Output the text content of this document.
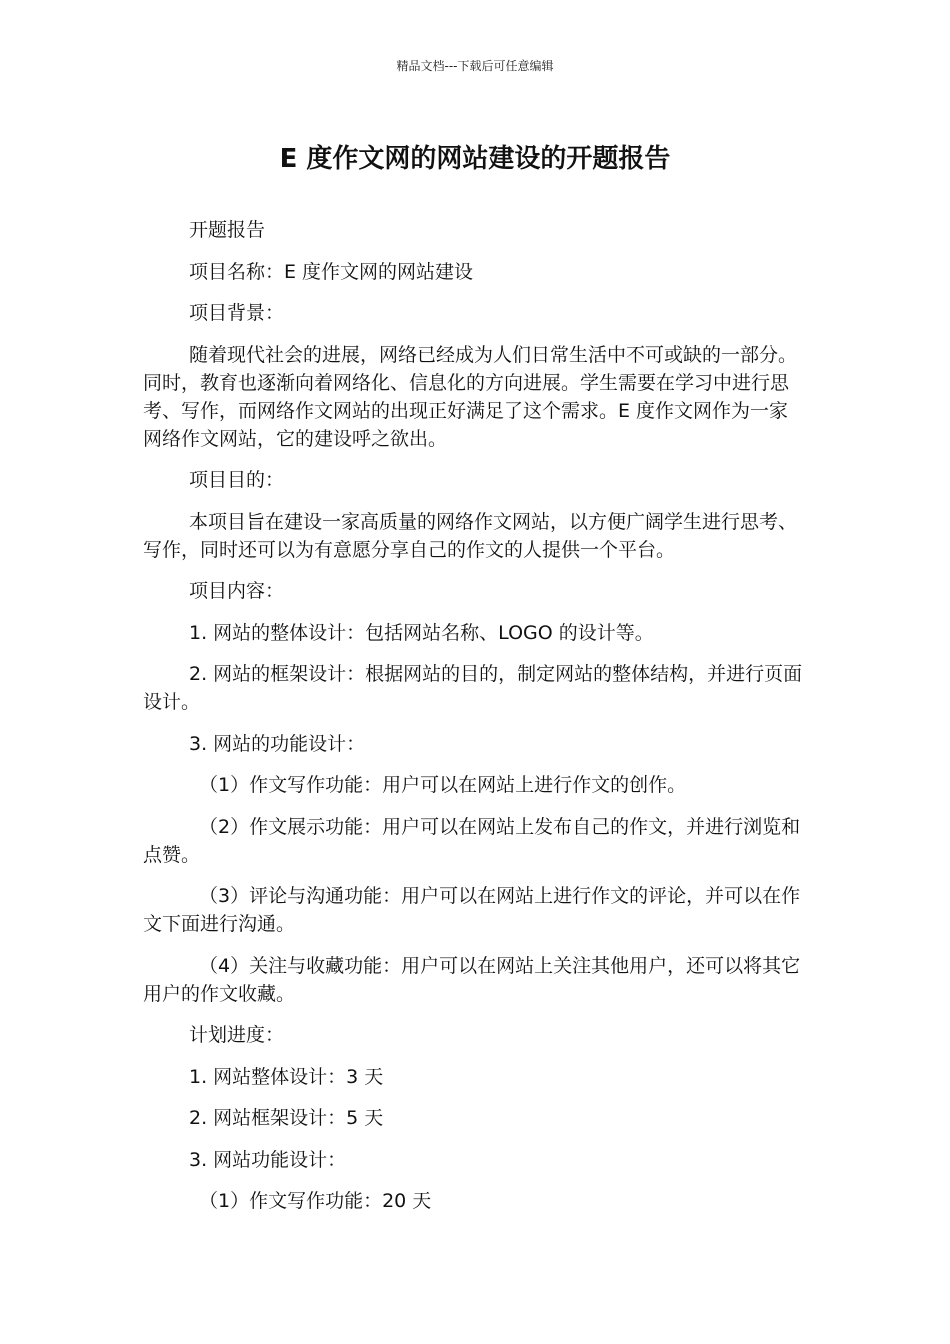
精品文档---下载后可任意编辑
E 度作文网的网站建设的开题报告

开题报告

项目名称：E 度作文网的网站建设

项目背景：

随着现代社会的进展，网络已经成为人们日常生活中不可或缺的一部分。同时，教育也逐渐向着网络化、信息化的方向进展。学生需要在学习中进行思考、写作，而网络作文网站的出现正好满足了这个需求。E 度作文网作为一家网络作文网站，它的建设呼之欲出。

项目目的：

本项目旨在建设一家高质量的网络作文网站，以方便广阔学生进行思考、写作，同时还可以为有意愿分享自己的作文的人提供一个平台。

项目内容：

1. 网站的整体设计：包括网站名称、LOGO 的设计等。

2. 网站的框架设计：根据网站的目的，制定网站的整体结构，并进行页面设计。

3. 网站的功能设计：

（1）作文写作功能：用户可以在网站上进行作文的创作。

（2）作文展示功能：用户可以在网站上发布自己的作文，并进行浏览和点赞。

（3）评论与沟通功能：用户可以在网站上进行作文的评论，并可以在作文下面进行沟通。

（4）关注与收藏功能：用户可以在网站上关注其他用户，还可以将其它用户的作文收藏。

计划进度：

1. 网站整体设计：3 天

2. 网站框架设计：5 天

3. 网站功能设计：

（1）作文写作功能：20 天
